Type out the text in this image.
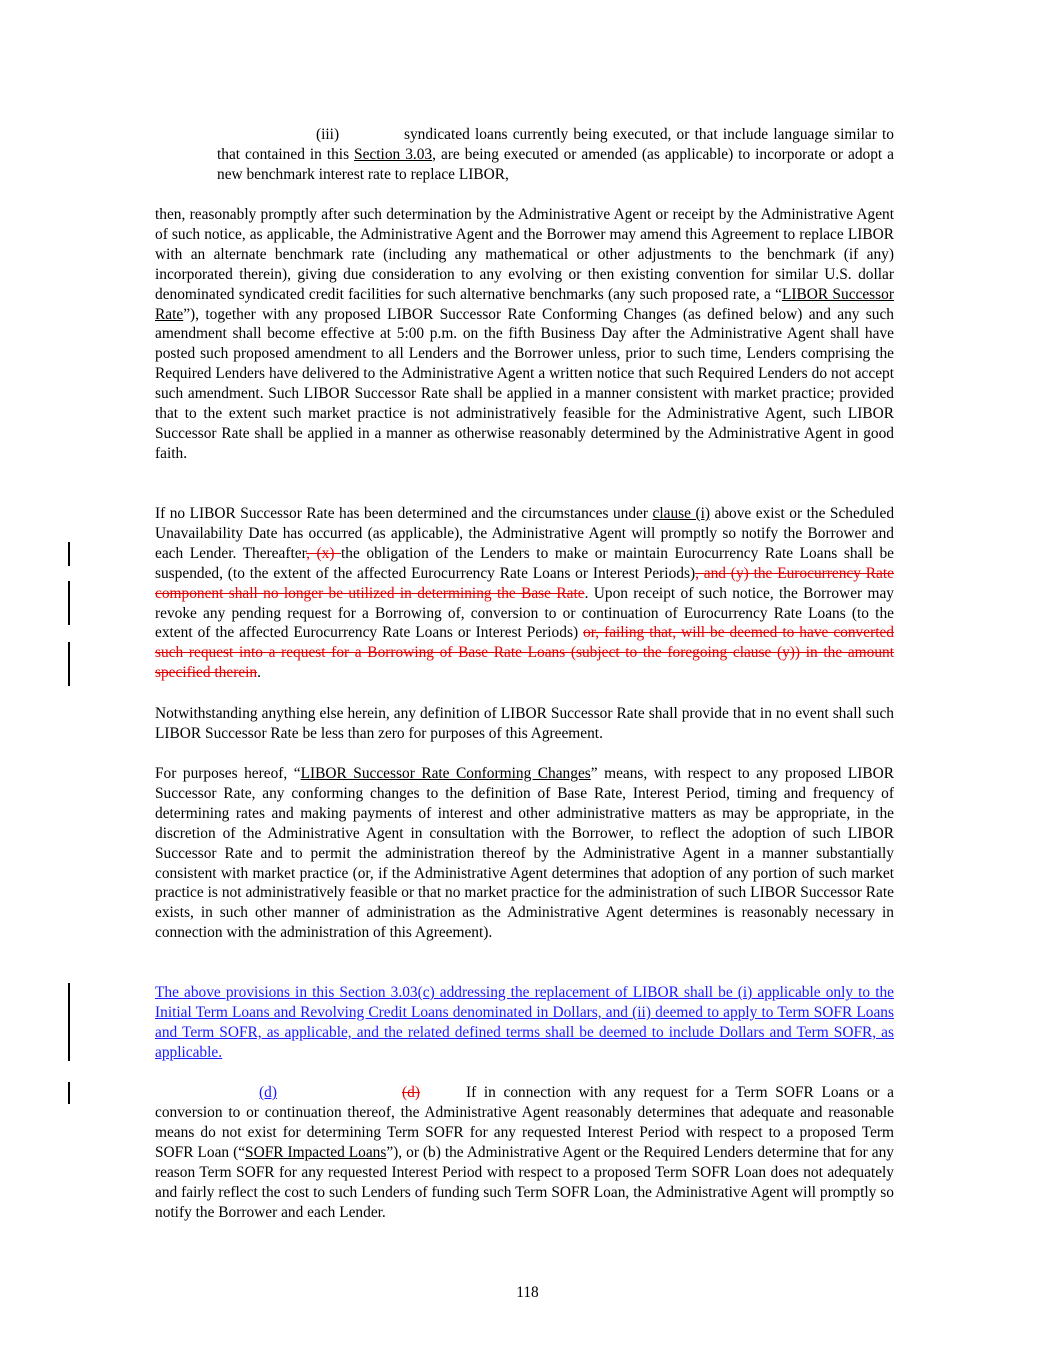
(iii)	syndicated loans currently being executed, or that include language similar to that contained in this Section 3.03, are being executed or amended (as applicable) to incorporate or adopt a new benchmark interest rate to replace LIBOR,
then, reasonably promptly after such determination by the Administrative Agent or receipt by the Administrative Agent of such notice, as applicable, the Administrative Agent and the Borrower may amend this Agreement to replace LIBOR with an alternate benchmark rate (including any mathematical or other adjustments to the benchmark (if any) incorporated therein), giving due consideration to any evolving or then existing convention for similar U.S. dollar denominated syndicated credit facilities for such alternative benchmarks (any such proposed rate, a “LIBOR Successor Rate”), together with any proposed LIBOR Successor Rate Conforming Changes (as defined below) and any such amendment shall become effective at 5:00 p.m. on the fifth Business Day after the Administrative Agent shall have posted such proposed amendment to all Lenders and the Borrower unless, prior to such time, Lenders comprising the Required Lenders have delivered to the Administrative Agent a written notice that such Required Lenders do not accept such amendment. Such LIBOR Successor Rate shall be applied in a manner consistent with market practice; provided that to the extent such market practice is not administratively feasible for the Administrative Agent, such LIBOR Successor Rate shall be applied in a manner as otherwise reasonably determined by the Administrative Agent in good faith.
If no LIBOR Successor Rate has been determined and the circumstances under clause (i) above exist or the Scheduled Unavailability Date has occurred (as applicable), the Administrative Agent will promptly so notify the Borrower and each Lender. Thereafter, (x) the obligation of the Lenders to make or maintain Eurocurrency Rate Loans shall be suspended, (to the extent of the affected Eurocurrency Rate Loans or Interest Periods), and (y) the Eurocurrency Rate component shall no longer be utilized in determining the Base Rate. Upon receipt of such notice, the Borrower may revoke any pending request for a Borrowing of, conversion to or continuation of Eurocurrency Rate Loans (to the extent of the affected Eurocurrency Rate Loans or Interest Periods) or, failing that, will be deemed to have converted such request into a request for a Borrowing of Base Rate Loans (subject to the foregoing clause (y)) in the amount specified therein.
Notwithstanding anything else herein, any definition of LIBOR Successor Rate shall provide that in no event shall such LIBOR Successor Rate be less than zero for purposes of this Agreement.
For purposes hereof, “LIBOR Successor Rate Conforming Changes” means, with respect to any proposed LIBOR Successor Rate, any conforming changes to the definition of Base Rate, Interest Period, timing and frequency of determining rates and making payments of interest and other administrative matters as may be appropriate, in the discretion of the Administrative Agent in consultation with the Borrower, to reflect the adoption of such LIBOR Successor Rate and to permit the administration thereof by the Administrative Agent in a manner substantially consistent with market practice (or, if the Administrative Agent determines that adoption of any portion of such market practice is not administratively feasible or that no market practice for the administration of such LIBOR Successor Rate exists, in such other manner of administration as the Administrative Agent determines is reasonably necessary in connection with the administration of this Agreement).
The above provisions in this Section 3.03(c) addressing the replacement of LIBOR shall be (i) applicable only to the Initial Term Loans and Revolving Credit Loans denominated in Dollars, and (ii) deemed to apply to Term SOFR Loans and Term SOFR, as applicable, and the related defined terms shall be deemed to include Dollars and Term SOFR, as applicable.
(d)	(d)	If in connection with any request for a Term SOFR Loans or a
conversion to or continuation thereof, the Administrative Agent reasonably determines that adequate and reasonable means do not exist for determining Term SOFR for any requested Interest Period with respect to a proposed Term SOFR Loan (“SOFR Impacted Loans”), or (b) the Administrative Agent or the Required Lenders determine that for any reason Term SOFR for any requested Interest Period with respect to a proposed Term SOFR Loan does not adequately and fairly reflect the cost to such Lenders of funding such Term SOFR Loan, the Administrative Agent will promptly so notify the Borrower and each Lender.
118
